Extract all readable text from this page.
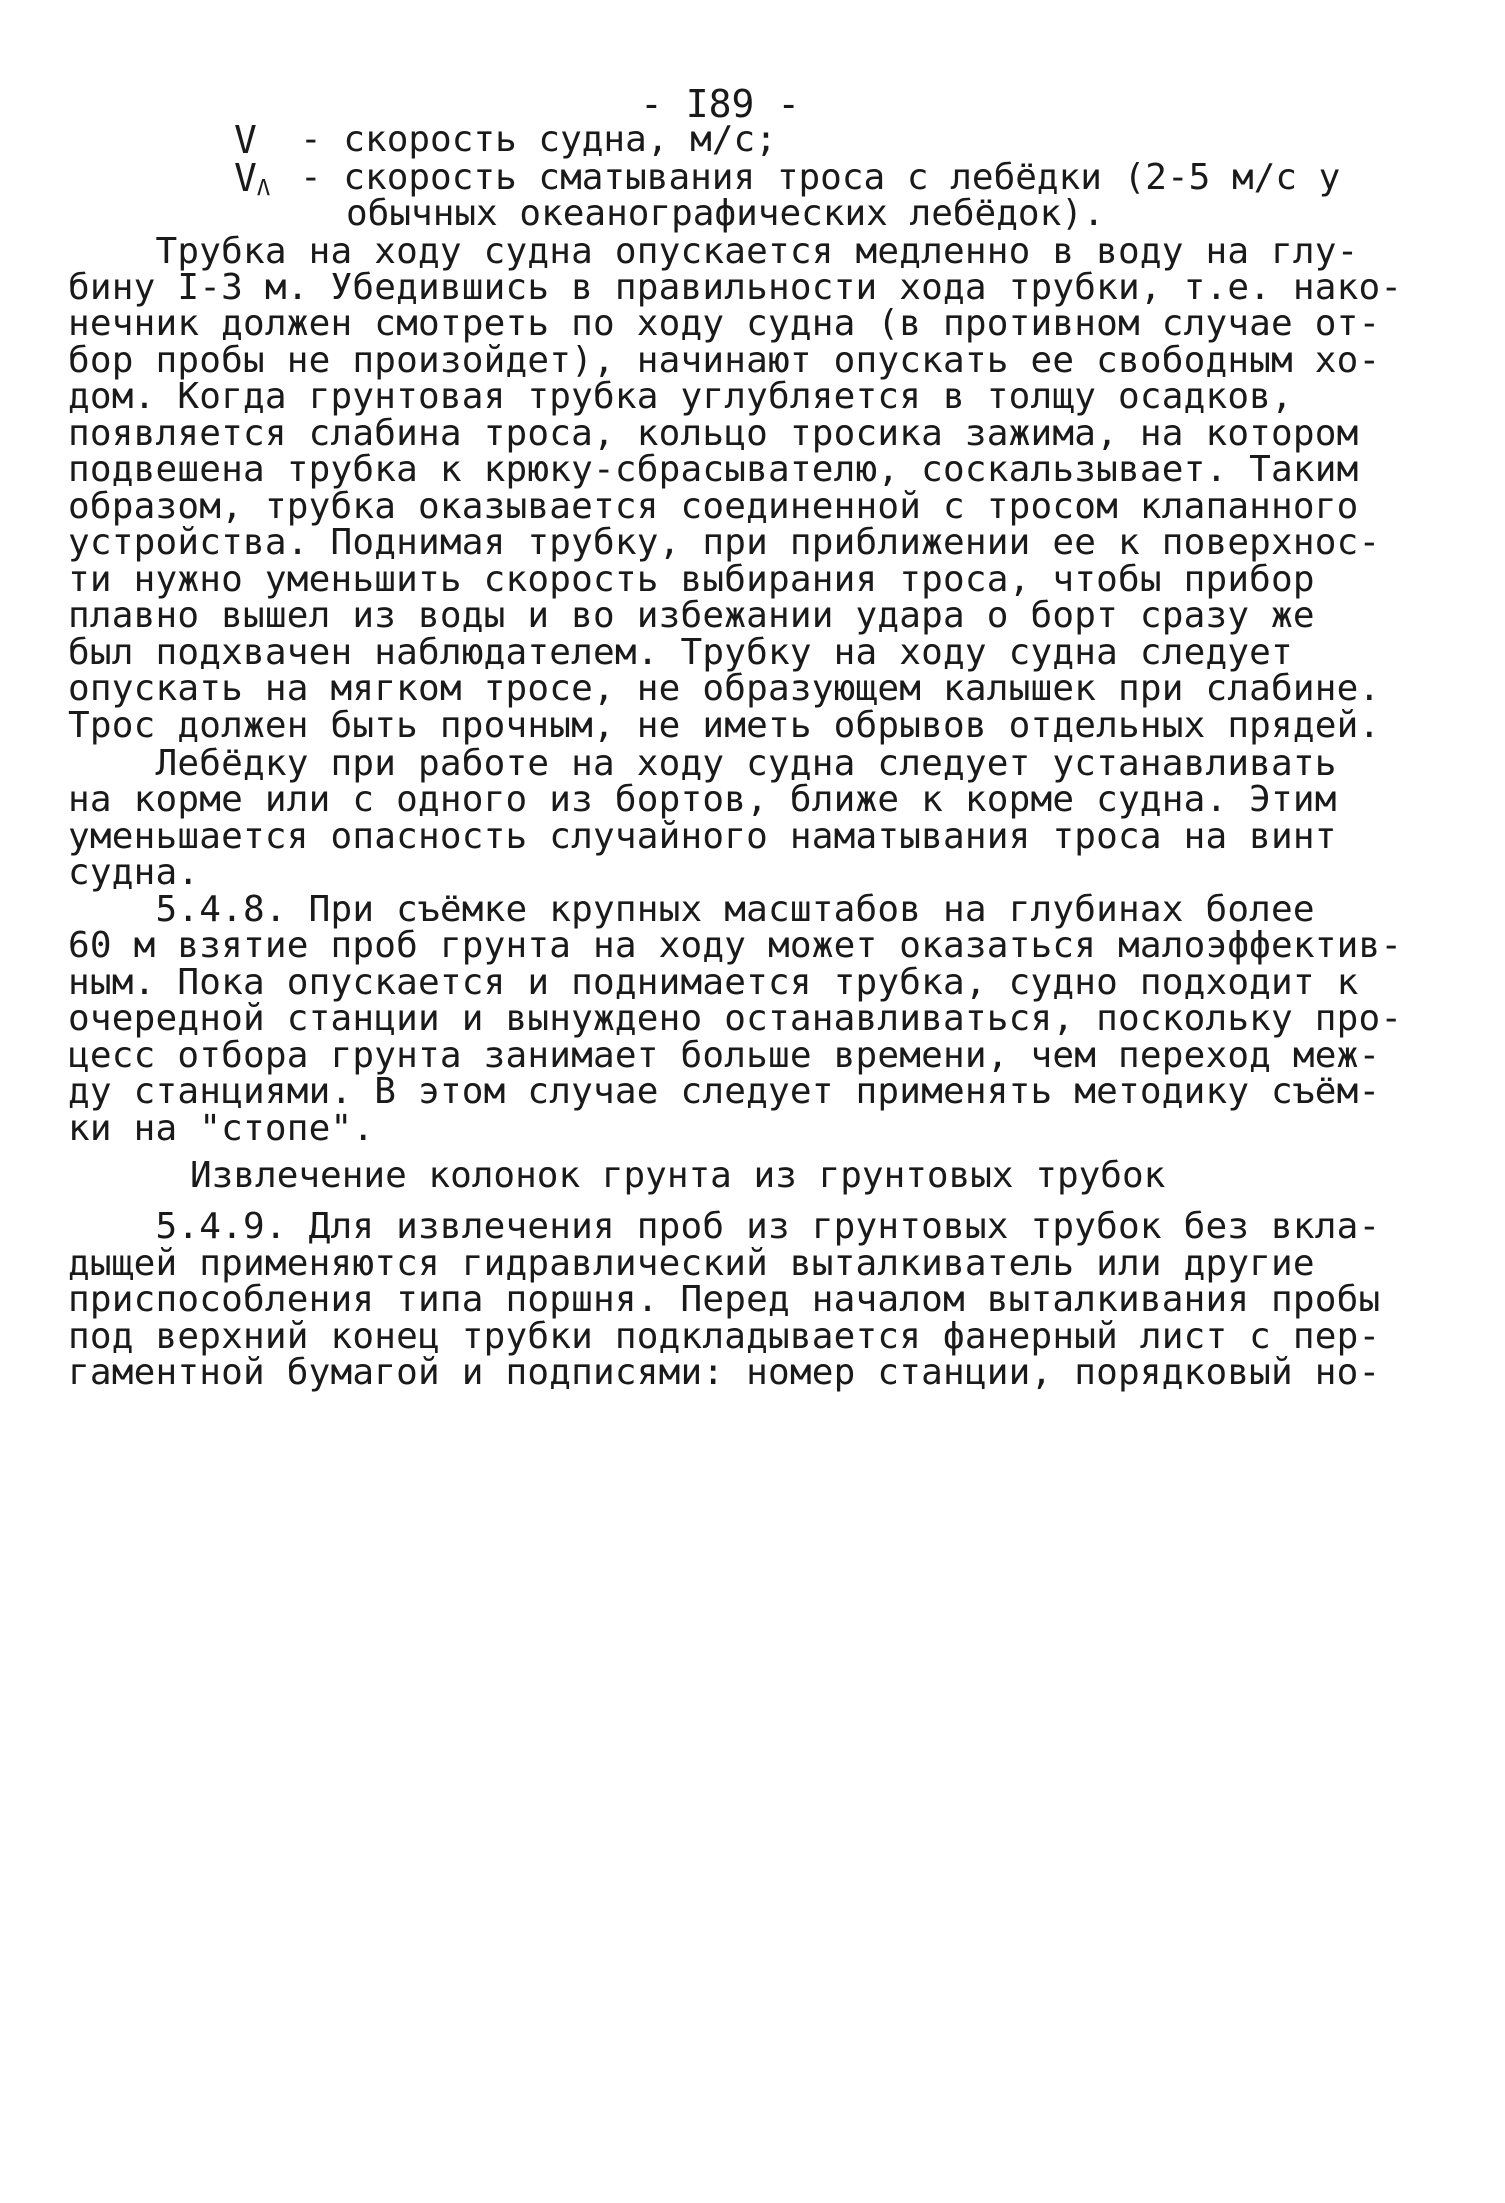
- I89 -
V - скорость судна, м/с;
$V_\Lambda$ - скорость сматывания троса с лебёдки (2-5 м/с у
обычных океанографических лебёдок).
Трубка на ходу судна опускается медленно в воду на глу-
бину I-3 м. Убедившись в правильности хода трубки, т.е. нако-
нечник должен смотреть по ходу судна (в противном случае от-
бор пробы не произойдет), начинают опускать ее свободным хо-
дом. Когда грунтовая трубка углубляется в толщу осадков,
появляется слабина троса, кольцо тросика зажима, на котором
подвешена трубка к крюку-сбрасывателю, соскальзывает. Таким
образом, трубка оказывается соединенной с тросом клапанного
устройства. Поднимая трубку, при приближении ее к поверхнос-
ти нужно уменьшить скорость выбирания троса, чтобы прибор
плавно вышел из воды и во избежании удара о борт сразу же
был подхвачен наблюдателем. Трубку на ходу судна следует
опускать на мягком тросе, не образующем калышек при слабине.
Трос должен быть прочным, не иметь обрывов отдельных прядей.
Лебёдку при работе на ходу судна следует устанавливать
на корме или с одного из бортов, ближе к корме судна. Этим
уменьшается опасность случайного наматывания троса на винт
судна.
5.4.8. При съёмке крупных масштабов на глубинах более
60 м взятие проб грунта на ходу может оказаться малоэффектив-
ным. Пока опускается и поднимается трубка, судно подходит к
очередной станции и вынуждено останавливаться, поскольку про-
цесс отбора грунта занимает больше времени, чем переход меж-
ду станциями. В этом случае следует применять методику съём-
ки на "стопе".
Извлечение колонок грунта из грунтовых трубок
5.4.9. Для извлечения проб из грунтовых трубок без вкла-
дыщей применяются гидравлический выталкиватель или другие
приспособления типа поршня. Перед началом выталкивания пробы
под верхний конец трубки подкладывается фанерный лист с пер-
гаментной бумагой и подписями: номер станции, порядковый но-
